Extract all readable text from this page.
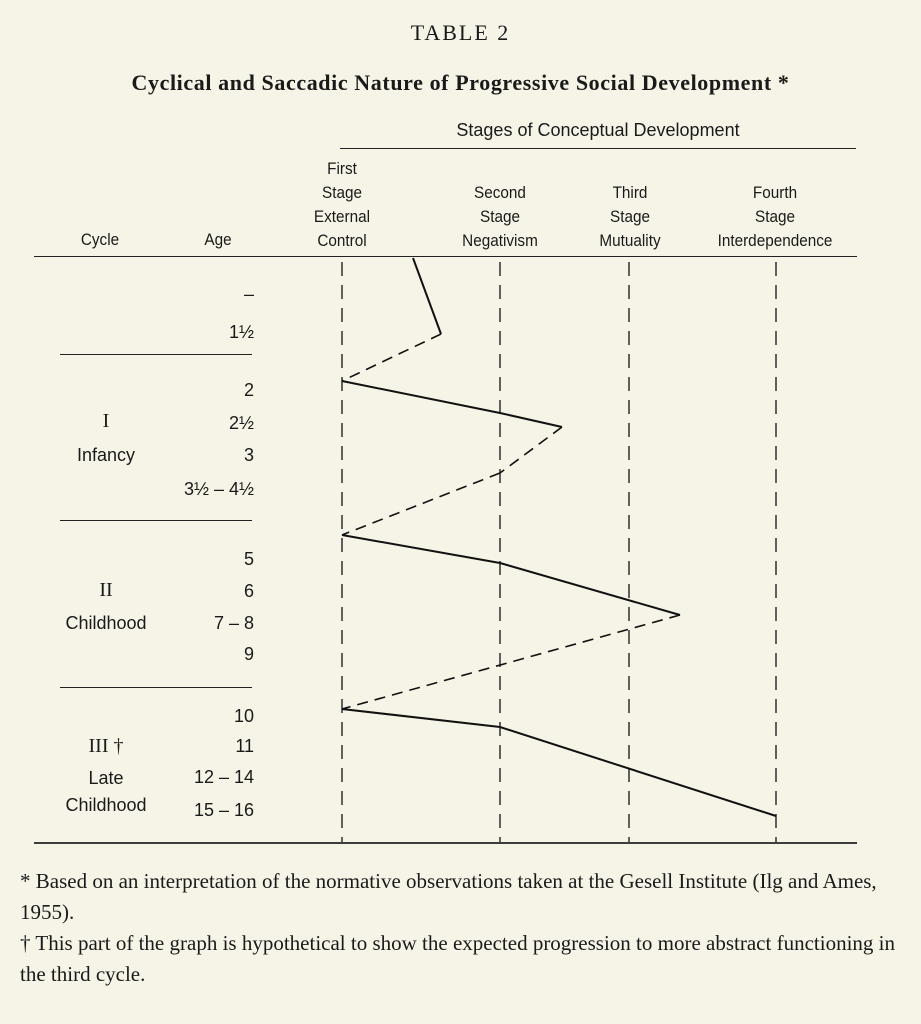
TABLE 2
Cyclical and Saccadic Nature of Progressive Social Development *
Stages of Conceptual Development
Cycle	Age
First
Stage
External
Control
Second
Stage
Negativism
Third
Stage
Mutuality
Fourth
Stage
Interdependence
–
1½
2
2½
3
3½ – 4½
5
6
7 – 8
9
10
11
12 – 14
15 – 16
I
Infancy
II
Childhood
III †
Late
Childhood
* Based on an interpretation of the normative observations taken at the Gesell Institute (Ilg and Ames, 1955).
† This part of the graph is hypothetical to show the expected progression to more abstract functioning in the third cycle.
